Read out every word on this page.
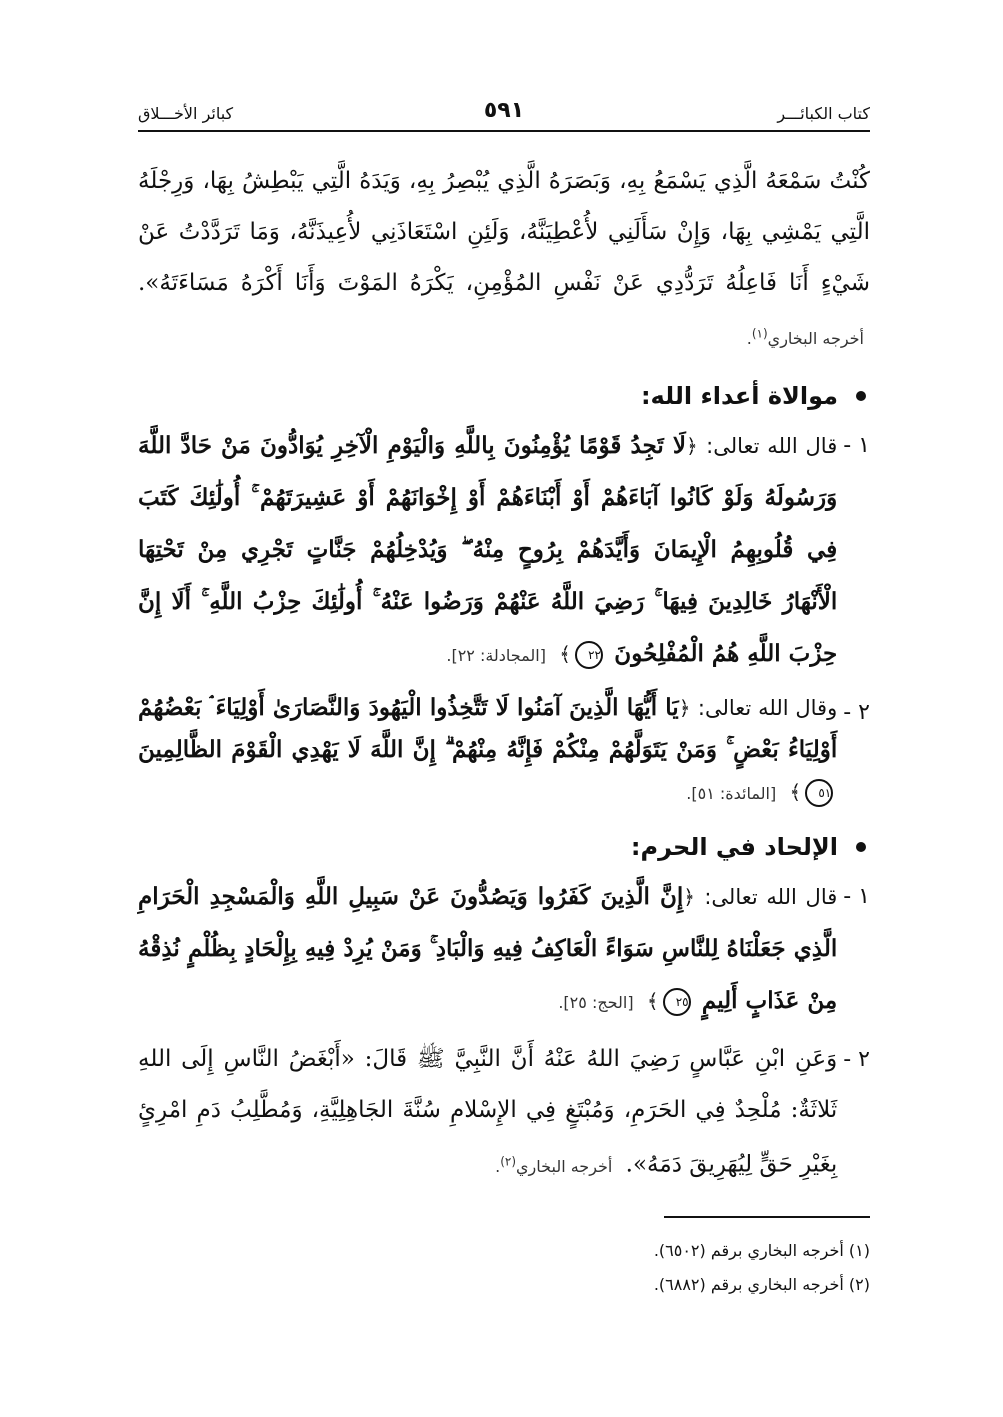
كتاب الكبائـــر
٥٩١
كبائر الأخـــلاق

كُنْتُ سَمْعَهُ الَّذِي يَسْمَعُ بِهِ، وَبَصَرَهُ الَّذِي يُبْصِرُ بِهِ، وَيَدَهُ الَّتِي يَبْطِشُ بِهَا، وَرِجْلَهُ الَّتِي يَمْشِي بِهَا، وَإِنْ سَأَلَنِي لأُعْطِيَنَّهُ، وَلَئِنِ اسْتَعَاذَنِي لأُعِيذَنَّهُ، وَمَا تَرَدَّدْتُ عَنْ شَيْءٍ أَنَا فَاعِلُهُ تَرَدُّدِي عَنْ نَفْسِ المُؤْمِنِ، يَكْرَهُ المَوْتَ وَأَنَا أَكْرَهُ مَسَاءَتَهُ». أخرجه البخاري$^{(١)}$.

موالاة أعداء الله:
١ -
قال الله تعالى: ﴿لَا تَجِدُ قَوْمًا يُؤْمِنُونَ بِاللَّهِ وَالْيَوْمِ الْآخِرِ يُوَادُّونَ مَنْ حَادَّ اللَّهَ وَرَسُولَهُ وَلَوْ كَانُوا آبَاءَهُمْ أَوْ أَبْنَاءَهُمْ أَوْ إِخْوَانَهُمْ أَوْ عَشِيرَتَهُمْ ۚ أُولَٰئِكَ كَتَبَ فِي قُلُوبِهِمُ الْإِيمَانَ وَأَيَّدَهُمْ بِرُوحٍ مِنْهُ ۖ وَيُدْخِلُهُمْ جَنَّاتٍ تَجْرِي مِنْ تَحْتِهَا الْأَنْهَارُ خَالِدِينَ فِيهَا ۚ رَضِيَ اللَّهُ عَنْهُمْ وَرَضُوا عَنْهُ ۚ أُولَٰئِكَ حِزْبُ اللَّهِ ۚ أَلَا إِنَّ حِزْبَ اللَّهِ هُمُ الْمُفْلِحُونَ ٢٢﴾ [المجادلة: ٢٢].
٢ -
وقال الله تعالى: ﴿يَا أَيُّهَا الَّذِينَ آمَنُوا لَا تَتَّخِذُوا الْيَهُودَ وَالنَّصَارَىٰ أَوْلِيَاءَ ۘ بَعْضُهُمْ أَوْلِيَاءُ بَعْضٍ ۚ وَمَنْ يَتَوَلَّهُمْ مِنْكُمْ فَإِنَّهُ مِنْهُمْ ۗ إِنَّ اللَّهَ لَا يَهْدِي الْقَوْمَ الظَّالِمِينَ ٥١﴾ [المائدة: ٥١].
الإلحاد في الحرم:
١ -
قال الله تعالى: ﴿إِنَّ الَّذِينَ كَفَرُوا وَيَصُدُّونَ عَنْ سَبِيلِ اللَّهِ وَالْمَسْجِدِ الْحَرَامِ الَّذِي جَعَلْنَاهُ لِلنَّاسِ سَوَاءً الْعَاكِفُ فِيهِ وَالْبَادِ ۚ وَمَنْ يُرِدْ فِيهِ بِإِلْحَادٍ بِظُلْمٍ نُذِقْهُ مِنْ عَذَابٍ أَلِيمٍ ٢٥﴾ [الحج: ٢٥].
٢ -
وَعَنِ ابْنِ عَبَّاسٍ رَضِيَ اللهُ عَنْهُ أَنَّ النَّبِيَّ ﷺ قَالَ: «أَبْغَضُ النَّاسِ إِلَى اللهِ ثَلاثَةٌ: مُلْحِدٌ فِي الحَرَمِ، وَمُبْتَغٍ فِي الإِسْلامِ سُنَّةَ الجَاهِلِيَّةِ، وَمُطَّلِبُ دَمِ امْرِئٍ بِغَيْرِ حَقٍّ لِيُهَرِيقَ دَمَهُ». أخرجه البخاري$^{(٢)}$.
(١) أخرجه البخاري برقم (٦٥٠٢).
(٢) أخرجه البخاري برقم (٦٨٨٢).
